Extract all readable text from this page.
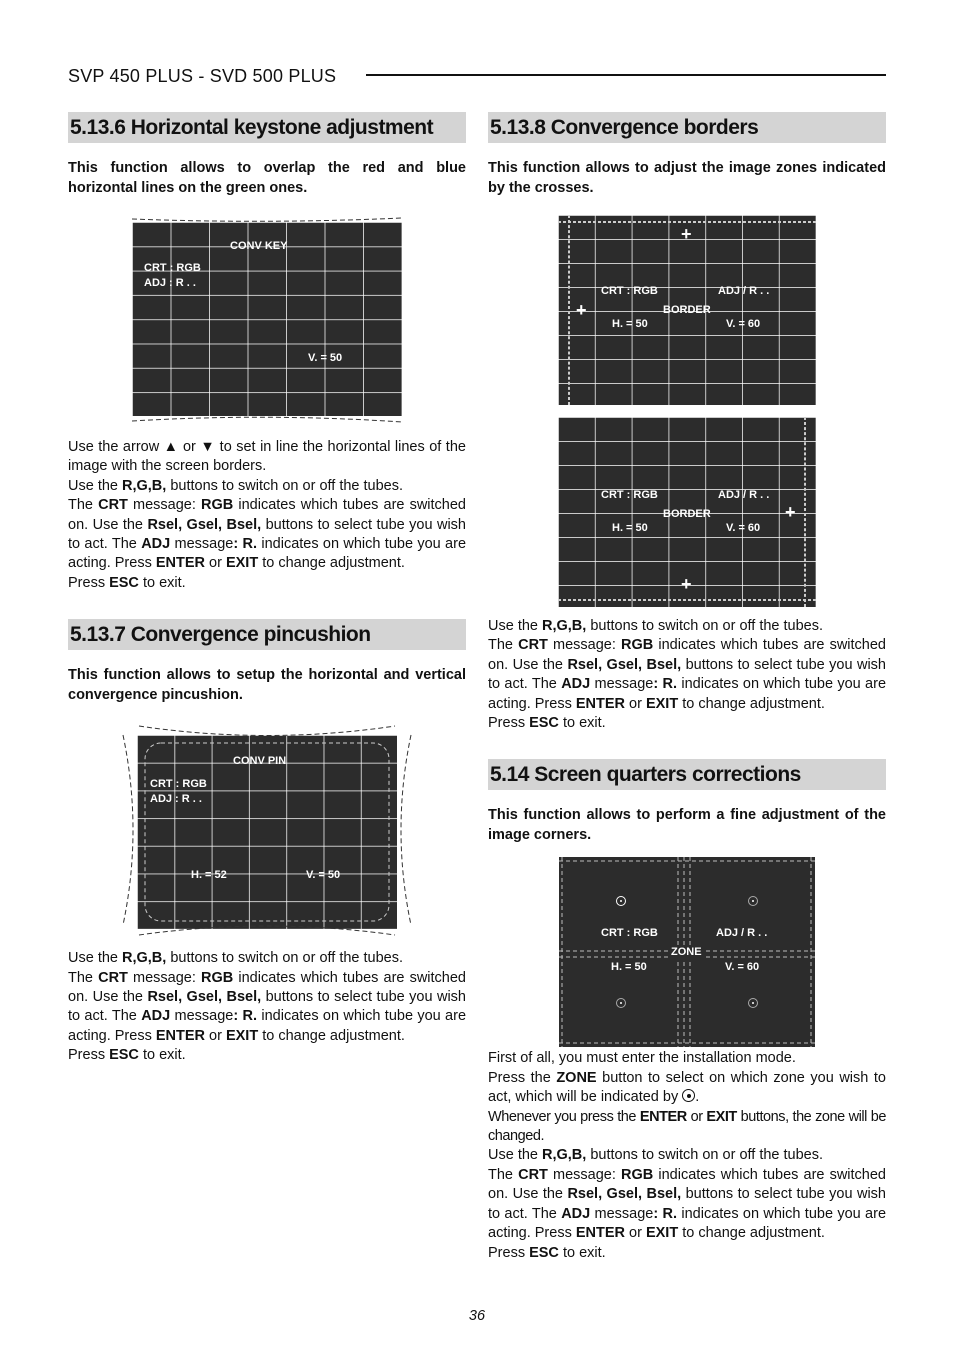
SVP 450 PLUS - SVD 500 PLUS
5.13.6 Horizontal keystone adjustment
This function allows to overlap the red and blue horizontal lines on the green ones.
CONV KEY
CRT : RGB
ADJ : R . .
V. = 50

Use the arrow ▲ or ▼ to set in line the horizontal lines of the image with the screen borders.

Use the R,G,B, buttons to switch on or off the tubes.

The CRT message: RGB indicates which tubes are switched on. Use the Rsel, Gsel, Bsel, buttons to select tube you wish to act. The ADJ message: R. indicates on which tube you are acting. Press ENTER or EXIT to change adjustment.

Press ESC to exit.

5.13.7 Convergence pincushion
This function allows to setup the horizontal and vertical convergence pincushion.
CONV PIN
CRT : RGB
ADJ : R . .
H. = 52	V. = 50

Use the R,G,B, buttons to switch on or off the tubes.

The CRT message: RGB indicates which tubes are switched on. Use the Rsel, Gsel, Bsel, buttons to select tube you wish to act. The ADJ message: R. indicates on which tube you are acting. Press ENTER or EXIT to change adjustment.

Press ESC to exit.

5.13.8 Convergence borders
This function allows to adjust the image zones indicated by the crosses.
+
+
CRT : RGB	ADJ / R . .
BORDER
H. = 50	V. = 60
+
+
CRT : RGB	ADJ / R . .
BORDER
H. = 50	V. = 60

Use the R,G,B, buttons to switch on or off the tubes.

The CRT message: RGB indicates which tubes are switched on. Use the Rsel, Gsel, Bsel, buttons to select tube you wish to act. The ADJ message: R. indicates on which tube you are acting. Press ENTER or EXIT to change adjustment.

Press ESC to exit.

5.14 Screen quarters corrections
This function allows to perform a fine adjustment of the image corners.
CRT : RGB	ADJ / R . .
ZONE
H. = 50	V. = 60

First of all, you must enter the installation mode.

Press the ZONE button to select on which zone you wish to act, which will be indicated by .

Whenever you press the ENTER or EXIT buttons, the zone will be changed.

Use the R,G,B, buttons to switch on or off the tubes.

The CRT message: RGB indicates which tubes are switched on. Use the Rsel, Gsel, Bsel, buttons to select tube you wish to act. The ADJ message: R. indicates on which tube you are acting. Press ENTER or EXIT to change adjustment.

Press ESC to exit.

36
